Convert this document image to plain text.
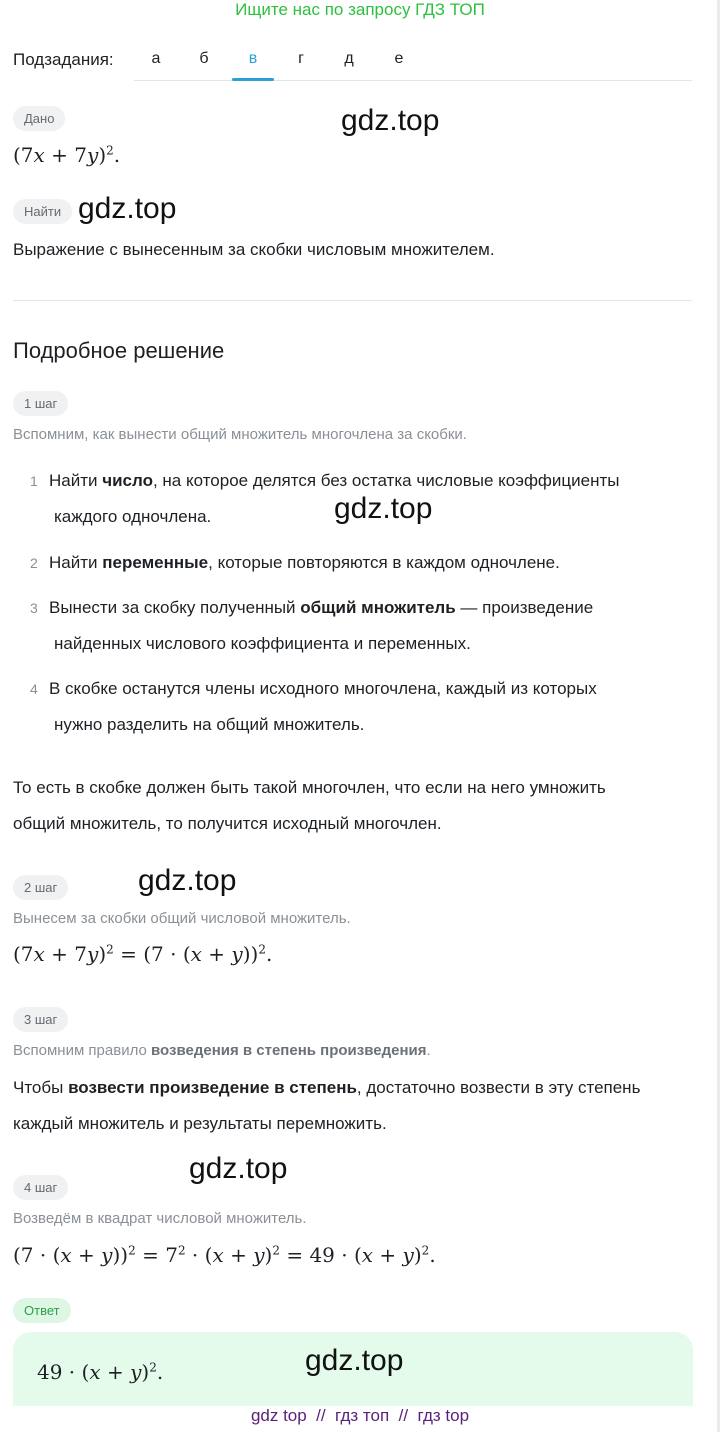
Ищите нас по запросу ГДЗ ТОП
Подзадания:	а	б	в	г	д	е
Дано
$(7x + 7y)^2$.
gdz.top
Найти gdz.top
Выражение с вынесенным за скобки числовым множителем.
Подробное решение
1 шаг
Вспомним, как вынести общий множитель многочлена за скобки.
1 Найти число, на которое делятся без остатка числовые коэффициенты
каждого одночлена.	gdz.top
2 Найти переменные, которые повторяются в каждом одночлене.
3 Вынести за скобку полученный общий множитель — произведение
найденных числового коэффициента и переменных.
4 В скобке останутся члены исходного многочлена, каждый из которых
нужно разделить на общий множитель.
То есть в скобке должен быть такой многочлен, что если на него умножить
общий множитель, то получится исходный многочлен.
2 шаг	gdz.top
Вынесем за скобки общий числовой множитель.
$(7x + 7y)^2 = (7 \cdot (x + y))^2$.
3 шаг
Вспомним правило возведения в степень произведения.
Чтобы возвести произведение в степень, достаточно возвести в эту степень
каждый множитель и результаты перемножить.
gdz.top
4 шаг
Возведём в квадрат числовой множитель.
$(7 \cdot (x + y))^2 = 7^2 \cdot (x + y)^2 = 49 \cdot (x + y)^2$.
Ответ
$49 \cdot (x + y)^2$.	gdz.top
gdz top  //  гдз топ  //  гдз top
